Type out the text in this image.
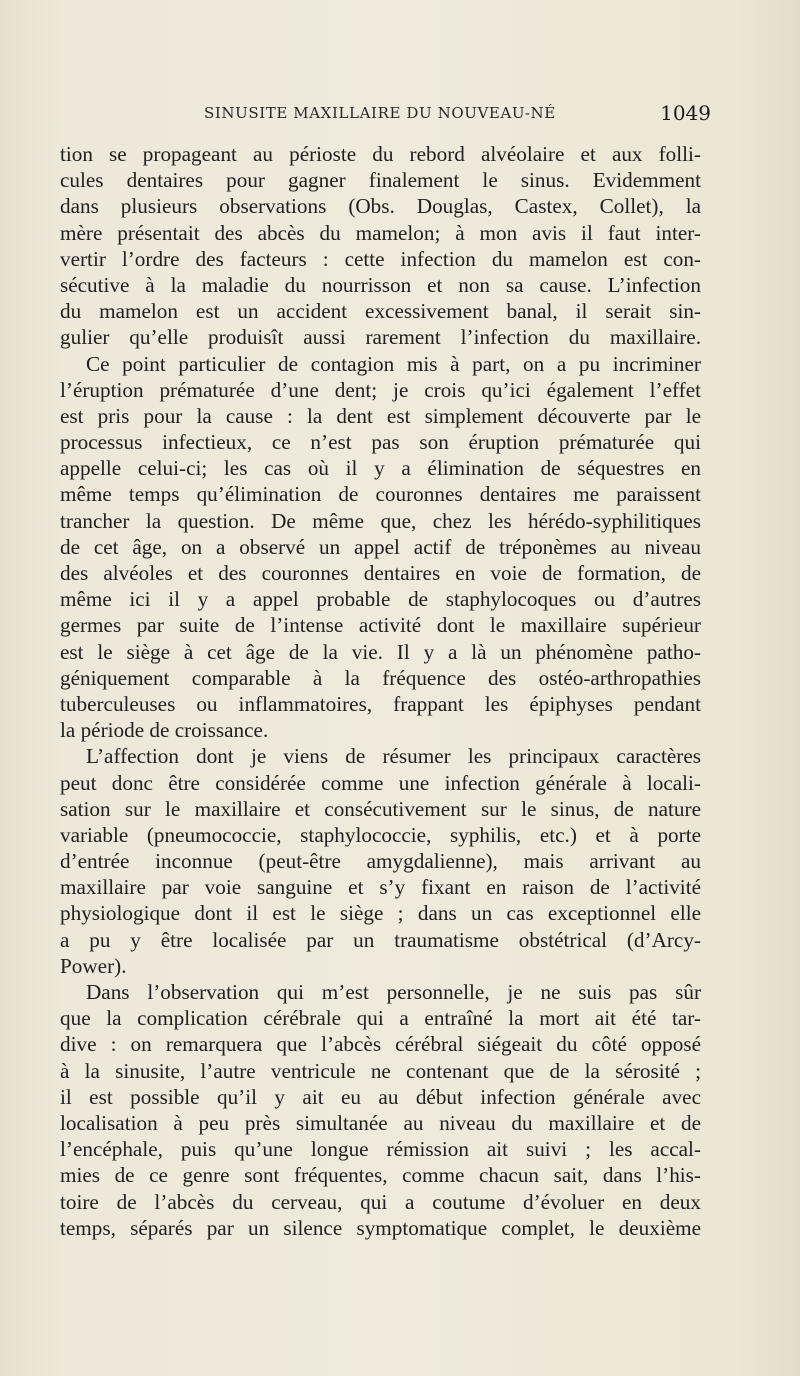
SINUSITE MAXILLAIRE DU NOUVEAU-NÉ	1049
tion se propageant au périoste du rebord alvéolaire et aux folli-
cules dentaires pour gagner finalement le sinus. Evidemment
dans plusieurs observations (Obs. Douglas, Castex, Collet), la
mère présentait des abcès du mamelon; à mon avis il faut inter-
vertir l’ordre des facteurs : cette infection du mamelon est con-
sécutive à la maladie du nourrisson et non sa cause. L’infection
du mamelon est un accident excessivement banal, il serait sin-
gulier qu’elle produisît aussi rarement l’infection du maxillaire.
Ce point particulier de contagion mis à part, on a pu incriminer
l’éruption prématurée d’une dent; je crois qu’ici également l’effet
est pris pour la cause : la dent est simplement découverte par le
processus infectieux, ce n’est pas son éruption prématurée qui
appelle celui-ci; les cas où il y a élimination de séquestres en
même temps qu’élimination de couronnes dentaires me paraissent
trancher la question. De même que, chez les hérédo-syphilitiques
de cet âge, on a observé un appel actif de tréponèmes au niveau
des alvéoles et des couronnes dentaires en voie de formation, de
même ici il y a appel probable de staphylocoques ou d’autres
germes par suite de l’intense activité dont le maxillaire supérieur
est le siège à cet âge de la vie. Il y a là un phénomène patho-
géniquement comparable à la fréquence des ostéo-arthropathies
tuberculeuses ou inflammatoires, frappant les épiphyses pendant
la période de croissance.
L’affection dont je viens de résumer les principaux caractères
peut donc être considérée comme une infection générale à locali-
sation sur le maxillaire et consécutivement sur le sinus, de nature
variable (pneumococcie, staphylococcie, syphilis, etc.) et à porte
d’entrée inconnue (peut-être amygdalienne), mais arrivant au
maxillaire par voie sanguine et s’y fixant en raison de l’activité
physiologique dont il est le siège ; dans un cas exceptionnel elle
a pu y être localisée par un traumatisme obstétrical (d’Arcy-
Power).
Dans l’observation qui m’est personnelle, je ne suis pas sûr
que la complication cérébrale qui a entraîné la mort ait été tar-
dive : on remarquera que l’abcès cérébral siégeait du côté opposé
à la sinusite, l’autre ventricule ne contenant que de la sérosité ;
il est possible qu’il y ait eu au début infection générale avec
localisation à peu près simultanée au niveau du maxillaire et de
l’encéphale, puis qu’une longue rémission ait suivi ; les accal-
mies de ce genre sont fréquentes, comme chacun sait, dans l’his-
toire de l’abcès du cerveau, qui a coutume d’évoluer en deux
temps, séparés par un silence symptomatique complet, le deuxième
